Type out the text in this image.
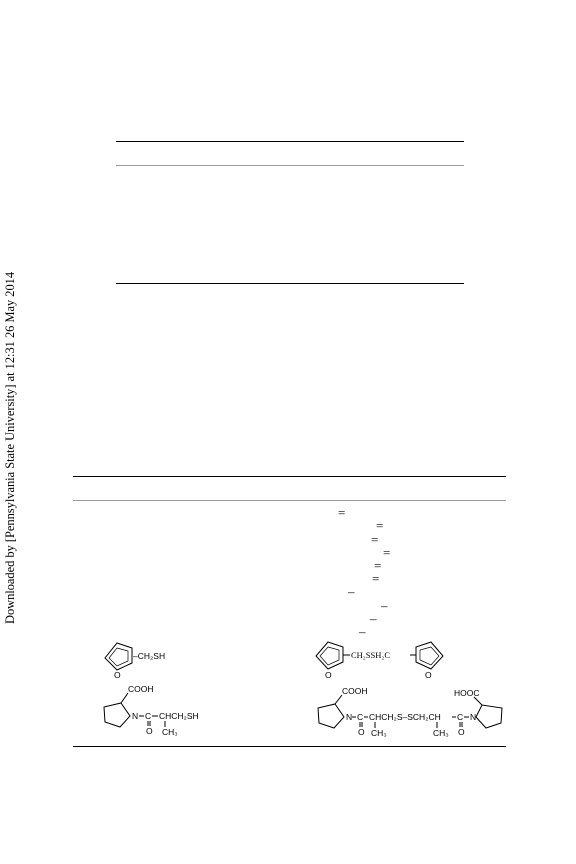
Downloaded by [Pennsylvania State University] at 12:31 26 May 2014	=
=
=
=
=
=
–
–
–
–
O
–CH₂SH
O
CH₂SSH₂C
O
COOH
N C
O
CHCH₂SH
CH₃
COOH
N C
O
CHCH₂S–SCH₂CH
CH₃	CH₃
C
O
N
HOOC
